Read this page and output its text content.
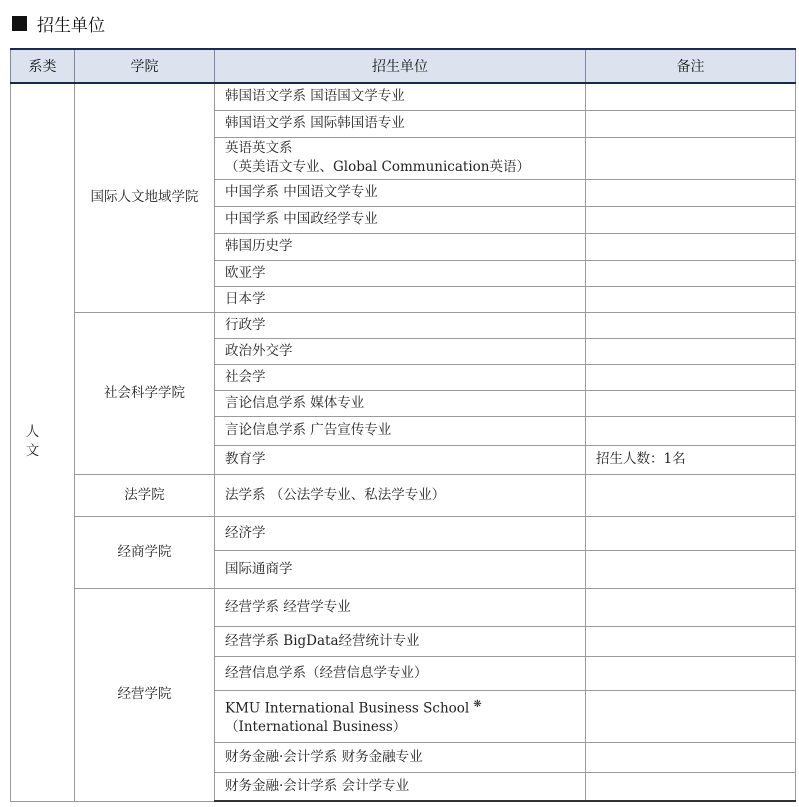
招生单位
系类	学院	招生单位	备注
人 文	国际人文地域学院	韩国语文学系 国语国文学专业	
		韩国语文学系 国际韩国语专业	

		英语英文系
（英美语文专业、Global Communication英语）	

		中国学系 中国语文学专业	
		中国学系 中国政经学专业	
		韩国历史学	
		欧亚学	
		日本学	
	社会科学学院	行政学	
		政治外交学	
		社会学	
		言论信息学系 媒体专业	
		言论信息学系 广告宣传专业	
		教育学	招生人数：1名
	法学院	法学系 （公法学专业、私法学专业）	
	经商学院	经济学	
		国际通商学	
	经营学院	经营学系 经营学专业	
		经营学系 BigData经营统计专业	
		经营信息学系（经营信息学专业）	

		KMU International Business School ❋
（International Business）	

		财务金融·会计学系 财务金融专业	
		财务金融·会计学系 会计学专业	
